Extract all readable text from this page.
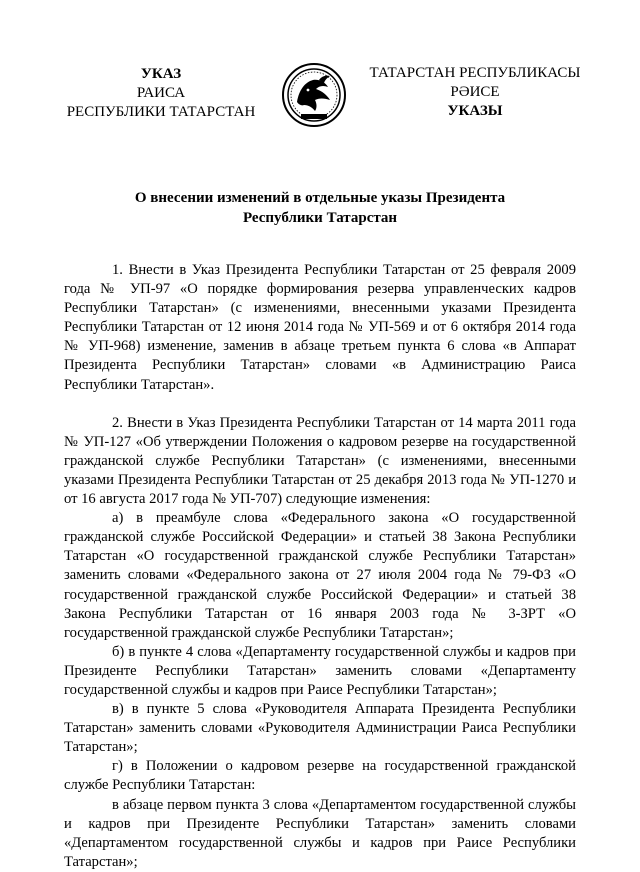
УКАЗ
РАИСА
РЕСПУБЛИКИ ТАТАРСТАН
ТАТАРСТАН РЕСПУБЛИКАСЫ
РӘИСЕ
УКАЗЫ
О внесении изменений в отдельные указы Президента
Республики Татарстан

1. Внести в Указ Президента Республики Татарстан от 25 февраля 2009 года № УП-97 «О порядке формирования резерва управленческих кадров Республики Татарстан» (с изменениями, внесенными указами Президента Республики Татарстан от 12 июня 2014 года № УП-569 и от 6 октября 2014 года № УП-968) изменение, заменив в абзаце третьем пункта 6 слова «в Аппарат Президента Республики Татарстан» словами «в Администрацию Раиса Республики Татарстан».

2. Внести в Указ Президента Республики Татарстан от 14 марта 2011 года № УП-127 «Об утверждении Положения о кадровом резерве на государственной гражданской службе Республики Татарстан» (с изменениями, внесенными указами Президента Республики Татарстан от 25 декабря 2013 года № УП-1270 и от 16 августа 2017 года № УП-707) следующие изменения:

а) в преамбуле слова «Федерального закона «О государственной гражданской службе Российской Федерации» и статьей 38 Закона Республики Татарстан «О государственной гражданской службе Республики Татарстан» заменить словами «Федерального закона от 27 июля 2004 года № 79-ФЗ «О государственной гражданской службе Российской Федерации» и статьей 38 Закона Республики Татарстан от 16 января 2003 года № 3-ЗРТ «О государственной гражданской службе Республики Татарстан»;

б) в пункте 4 слова «Департаменту государственной службы и кадров при Президенте Республики Татарстан» заменить словами «Департаменту государственной службы и кадров при Раисе Республики Татарстан»;

в) в пункте 5 слова «Руководителя Аппарата Президента Республики Татарстан» заменить словами «Руководителя Администрации Раиса Республики Татарстан»;

г) в Положении о кадровом резерве на государственной гражданской службе Республики Татарстан:

в абзаце первом пункта 3 слова «Департаментом государственной службы и кадров при Президенте Республики Татарстан» заменить словами «Департаментом государственной службы и кадров при Раисе Республики Татарстан»;
